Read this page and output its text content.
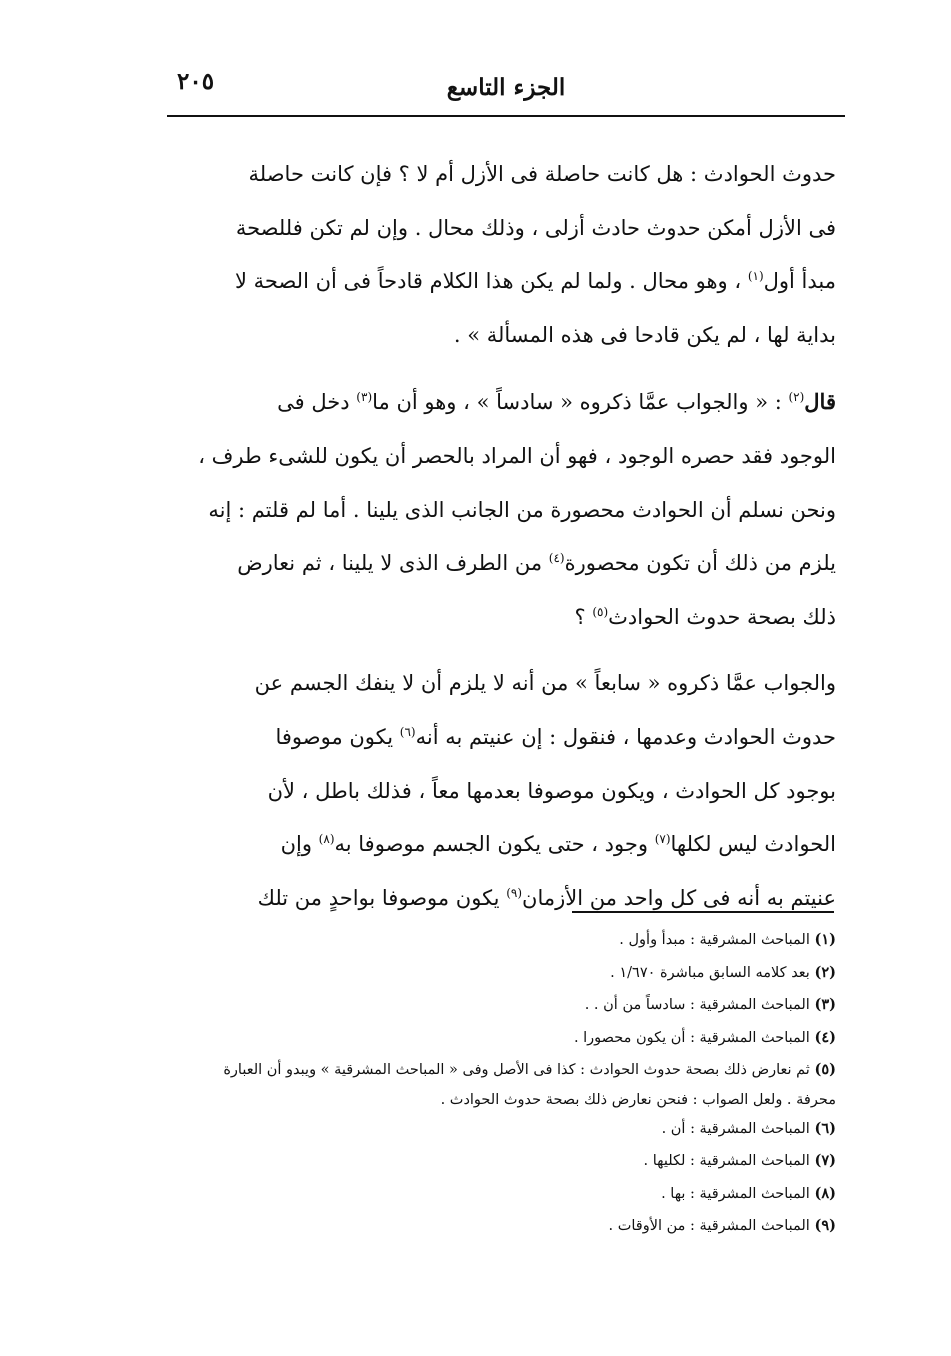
الجزء التاسع
٢٠٥

حدوث الحوادث : هل كانت حاصلة فى الأزل أم لا ؟ فإن كانت حاصلة
فى الأزل أمكن حدوث حادث أزلى ، وذلك محال . وإن لم تكن فللصحة
مبدأ أول$^{(١)}$ ، وهو محال . ولما لم يكن هذا الكلام قادحاً فى أن الصحة لا
بداية لها ، لم يكن قادحا فى هذه المسألة » .

قال$^{(٢)}$ : « والجواب عمَّا ذكروه « سادساً » ، وهو أن ما$^{(٣)}$ دخل فى
الوجود فقد حصره الوجود ، فهو أن المراد بالحصر أن يكون للشىء طرف ،
ونحن نسلم أن الحوادث محصورة من الجانب الذى يلينا . أما لم قلتم : إنه
يلزم من ذلك أن تكون محصورة$^{(٤)}$ من الطرف الذى لا يلينا ، ثم نعارض
ذلك بصحة حدوث الحوادث$^{(٥)}$ ؟

والجواب عمَّا ذكروه « سابعاً » من أنه لا يلزم أن لا ينفك الجسم عن
حدوث الحوادث وعدمها ، فنقول : إن عنيتم به أنه$^{(٦)}$ يكون موصوفا
بوجود كل الحوادث ، ويكون موصوفا بعدمها معاً ، فذلك باطل ، لأن
الحوادث ليس لكلها$^{(٧)}$ وجود ، حتى يكون الجسم موصوفا به$^{(٨)}$ وإن
عنيتم به أنه فى كل واحد من الأزمان$^{(٩)}$ يكون موصوفا بواحدٍ من تلك

(١) المباحث المشرقية : مبدأ وأول .

(٢) بعد كلامه السابق مباشرة ١/٦٧٠ .

(٣) المباحث المشرقية : سادساً من أن . .

(٤) المباحث المشرقية : أن يكون محصورا .

(٥) ثم نعارض ذلك بصحة حدوث الحوادث : كذا فى الأصل وفى « المباحث المشرقية » ويبدو أن العبارة

محرفة . ولعل الصواب : فنحن نعارض ذلك بصحة حدوث الحوادث .

(٦) المباحث المشرقية : أن .

(٧) المباحث المشرقية : لكليها .

(٨) المباحث المشرقية : بها .

(٩) المباحث المشرقية : من الأوقات .
